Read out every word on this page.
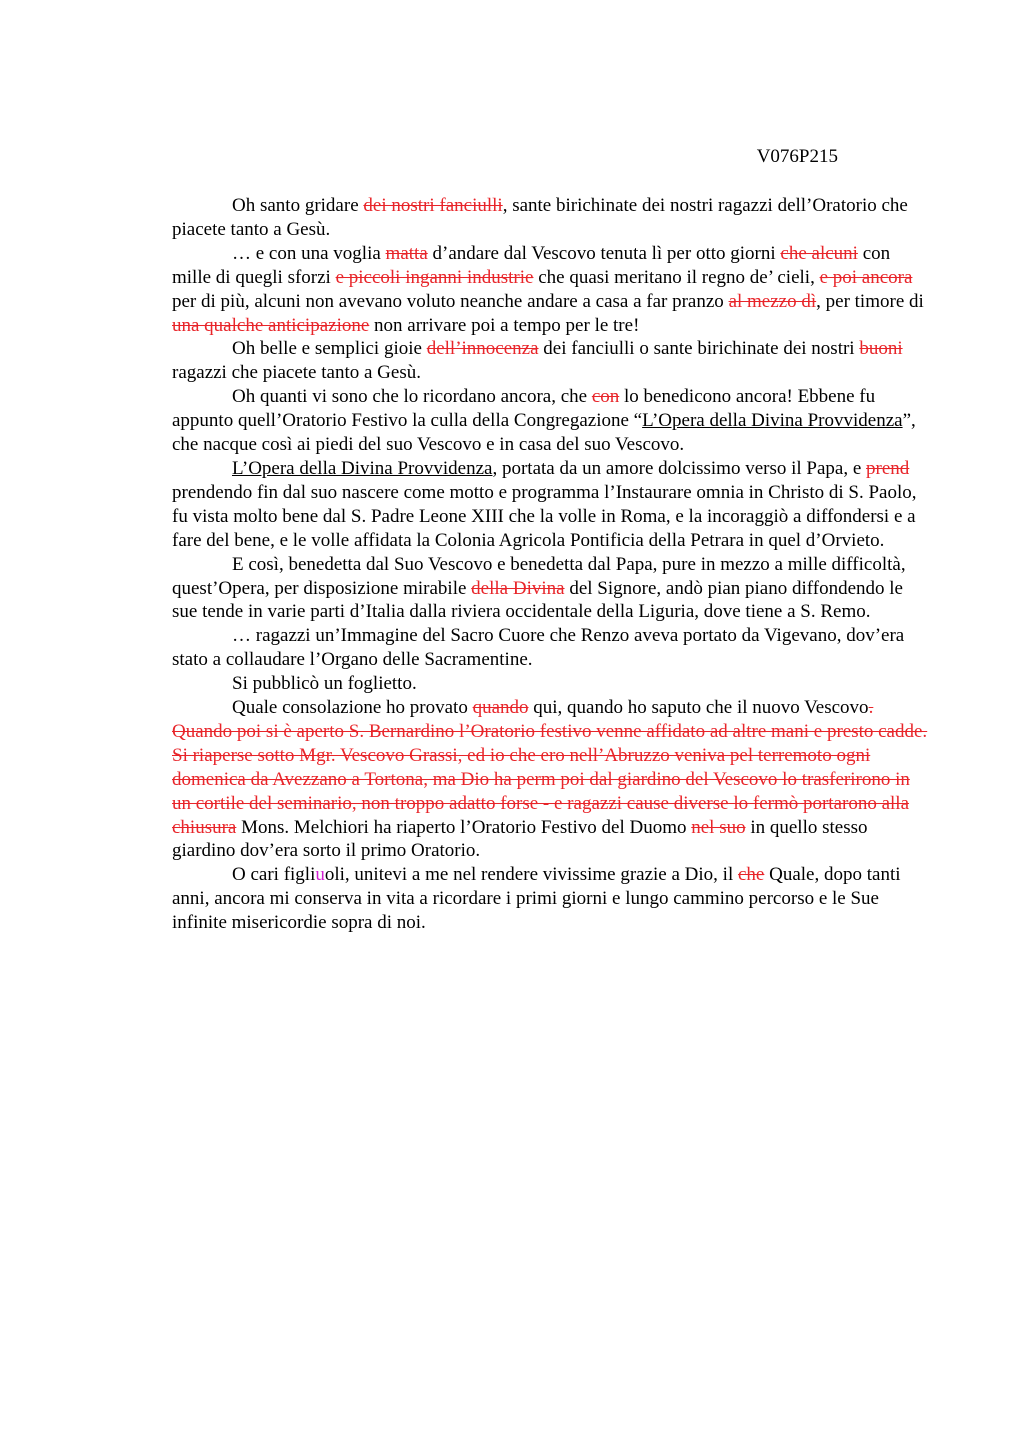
V076P215

Oh santo gridare dei nostri fanciulli, sante birichinate dei nostri ragazzi dell’Oratorio che piacete tanto a Gesù.

… e con una voglia matta d’andare dal Vescovo tenuta lì per otto giorni che alcuni con mille di quegli sforzi e piccoli inganni industrie che quasi meritano il regno de’ cieli, e poi ancora per di più, alcuni non avevano voluto neanche andare a casa a far pranzo al mezzo dì, per timore di una qualche anticipazione non arrivare poi a tempo per le tre!

Oh belle e semplici gioie dell’innocenza dei fanciulli o sante birichinate dei nostri buoni ragazzi che piacete tanto a Gesù.

Oh quanti vi sono che lo ricordano ancora, che con lo benedicono ancora! Ebbene fu appunto quell’Oratorio Festivo la culla della Congregazione “L’Opera della Divina Provvidenza”, che nacque così ai piedi del suo Vescovo e in casa del suo Vescovo.

L’Opera della Divina Provvidenza, portata da un amore dolcissimo verso il Papa, e prend prendendo fin dal suo nascere come motto e programma l’Instaurare omnia in Christo di S. Paolo, fu vista molto bene dal S. Padre Leone XIII che la volle in Roma, e la incoraggiò a diffondersi e a fare del bene, e le volle affidata la Colonia Agricola Pontificia della Petrara in quel d’Orvieto.

E così, benedetta dal Suo Vescovo e benedetta dal Papa, pure in mezzo a mille difficoltà, quest’Opera, per disposizione mirabile della Divina del Signore, andò pian piano diffondendo le sue tende in varie parti d’Italia dalla riviera occidentale della Liguria, dove tiene a S. Remo.

… ragazzi un’Immagine del Sacro Cuore che Renzo aveva portato da Vigevano, dov’era stato a collaudare l’Organo delle Sacramentine.

Si pubblicò un foglietto.

Quale consolazione ho provato quando qui, quando ho saputo che il nuovo Vescovo. Quando poi si è aperto S. Bernardino l’Oratorio festivo venne affidato ad altre mani e presto cadde. Si riaperse sotto Mgr. Vescovo Grassi, ed io che ero nell’Abruzzo veniva pel terremoto ogni domenica da Avezzano a Tortona, ma Dio ha perm poi dal giardino del Vescovo lo trasferirono in un cortile del seminario, non troppo adatto forse - e ragazzi cause diverse lo fermò portarono alla chiusura Mons. Melchiori ha riaperto l’Oratorio Festivo del Duomo nel suo in quello stesso giardino dov’era sorto il primo Oratorio.

O cari figliuoli, unitevi a me nel rendere vivissime grazie a Dio, il che Quale, dopo tanti anni, ancora mi conserva in vita a ricordare i primi giorni e lungo cammino percorso e le Sue infinite misericordie sopra di noi.
